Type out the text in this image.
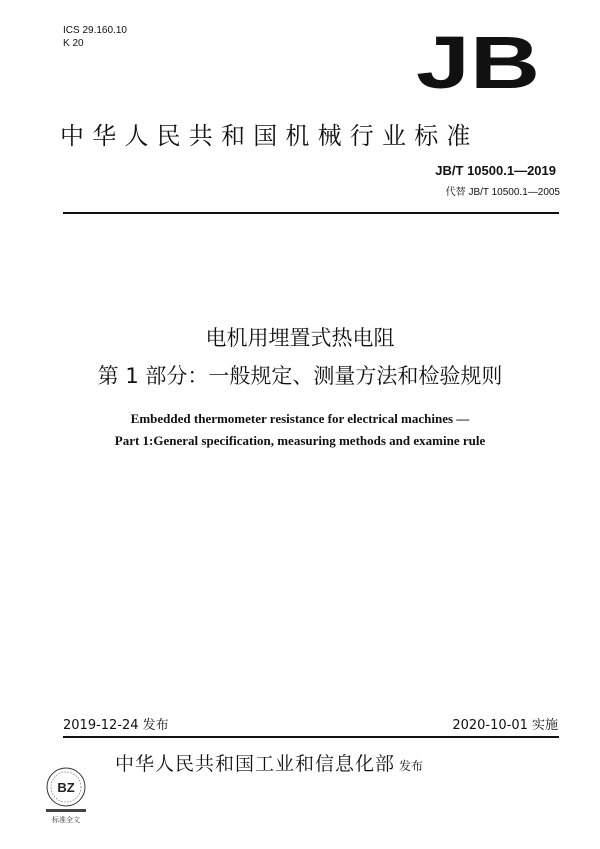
ICS 29.160.10
K 20	JB
中华人民共和国机械行业标准
JB/T 10500.1—2019
代替 JB/T 10500.1—2005
电机用埋置式热电阻
第 1 部分：一般规定、测量方法和检验规则
Embedded thermometer resistance for electrical machines —
Part 1:General specification, measuring methods and examine rule
2019-12-24 发布	2020-10-01 实施
中华人民共和国工业和信息化部 发布
BZ
标准全文
